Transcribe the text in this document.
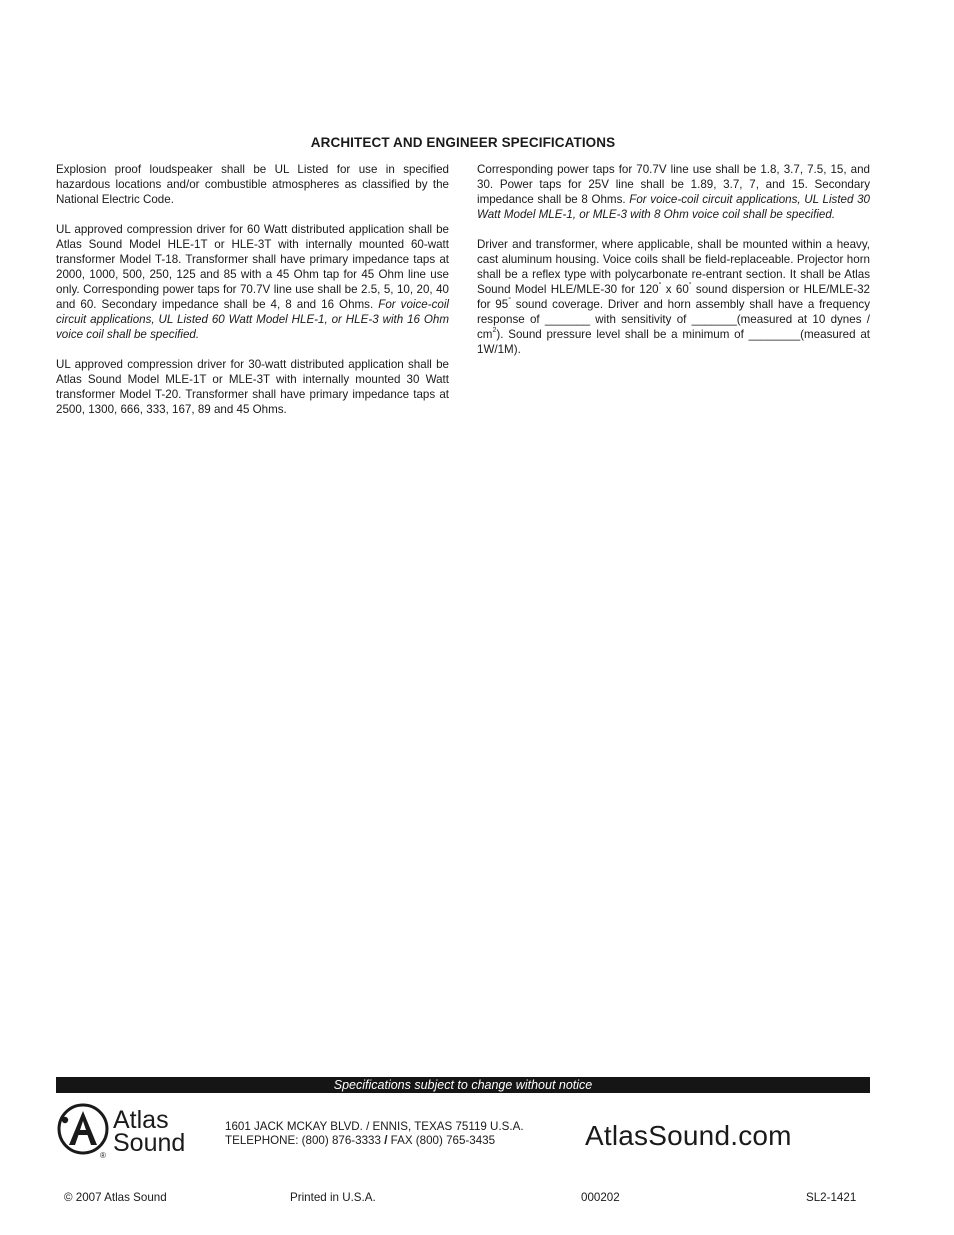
ARCHITECT AND ENGINEER SPECIFICATIONS

Explosion proof loudspeaker shall be UL Listed for use in specified hazardous locations and/or combustible atmospheres as classified by the National Electric Code.

UL approved compression driver for 60 Watt distributed application shall be Atlas Sound Model HLE-1T or HLE-3T with internally mounted 60-watt transformer Model T-18. Transformer shall have primary impedance taps at 2000, 1000, 500, 250, 125 and 85 with a 45 Ohm tap for 45 Ohm line use only. Corresponding power taps for 70.7V line use shall be 2.5, 5, 10, 20, 40 and 60. Secondary impedance shall be 4, 8 and 16 Ohms. For voice-coil circuit applications, UL Listed 60 Watt Model HLE-1, or HLE-3 with 16 Ohm voice coil shall be specified.

UL approved compression driver for 30-watt distributed application shall be Atlas Sound Model MLE-1T or MLE-3T with internally mounted 30 Watt transformer Model T-20. Transformer shall have primary impedance taps at 2500, 1300, 666, 333, 167, 89 and 45 Ohms.

Corresponding power taps for 70.7V line use shall be 1.8, 3.7, 7.5, 15, and 30. Power taps for 25V line shall be 1.89, 3.7, 7, and 15. Secondary impedance shall be 8 Ohms. For voice-coil circuit applications, UL Listed 30 Watt Model MLE-1, or MLE-3 with 8 Ohm voice coil shall be specified.

Driver and transformer, where applicable, shall be mounted within a heavy, cast aluminum housing. Voice coils shall be field-replaceable. Projector horn shall be a reflex type with polycarbonate re-entrant section. It shall be Atlas Sound Model HLE/MLE-30 for 120° x 60° sound dispersion or HLE/MLE-32 for 95° sound coverage. Driver and horn assembly shall have a frequency response of _______ with sensitivity of _______(measured at 10 dynes / $cm^2$). Sound pressure level shall be a minimum of ________(measured at 1W/1M).

Specifications subject to change without notice
Atlas
Sound
®
1601 JACK MCKAY BLVD. / ENNIS, TEXAS 75119 U.S.A.
TELEPHONE: (800) 876-3333 / FAX (800) 765-3435	AtlasSound.com
© 2007 Atlas Sound	Printed in U.S.A.	000202	SL2-1421
